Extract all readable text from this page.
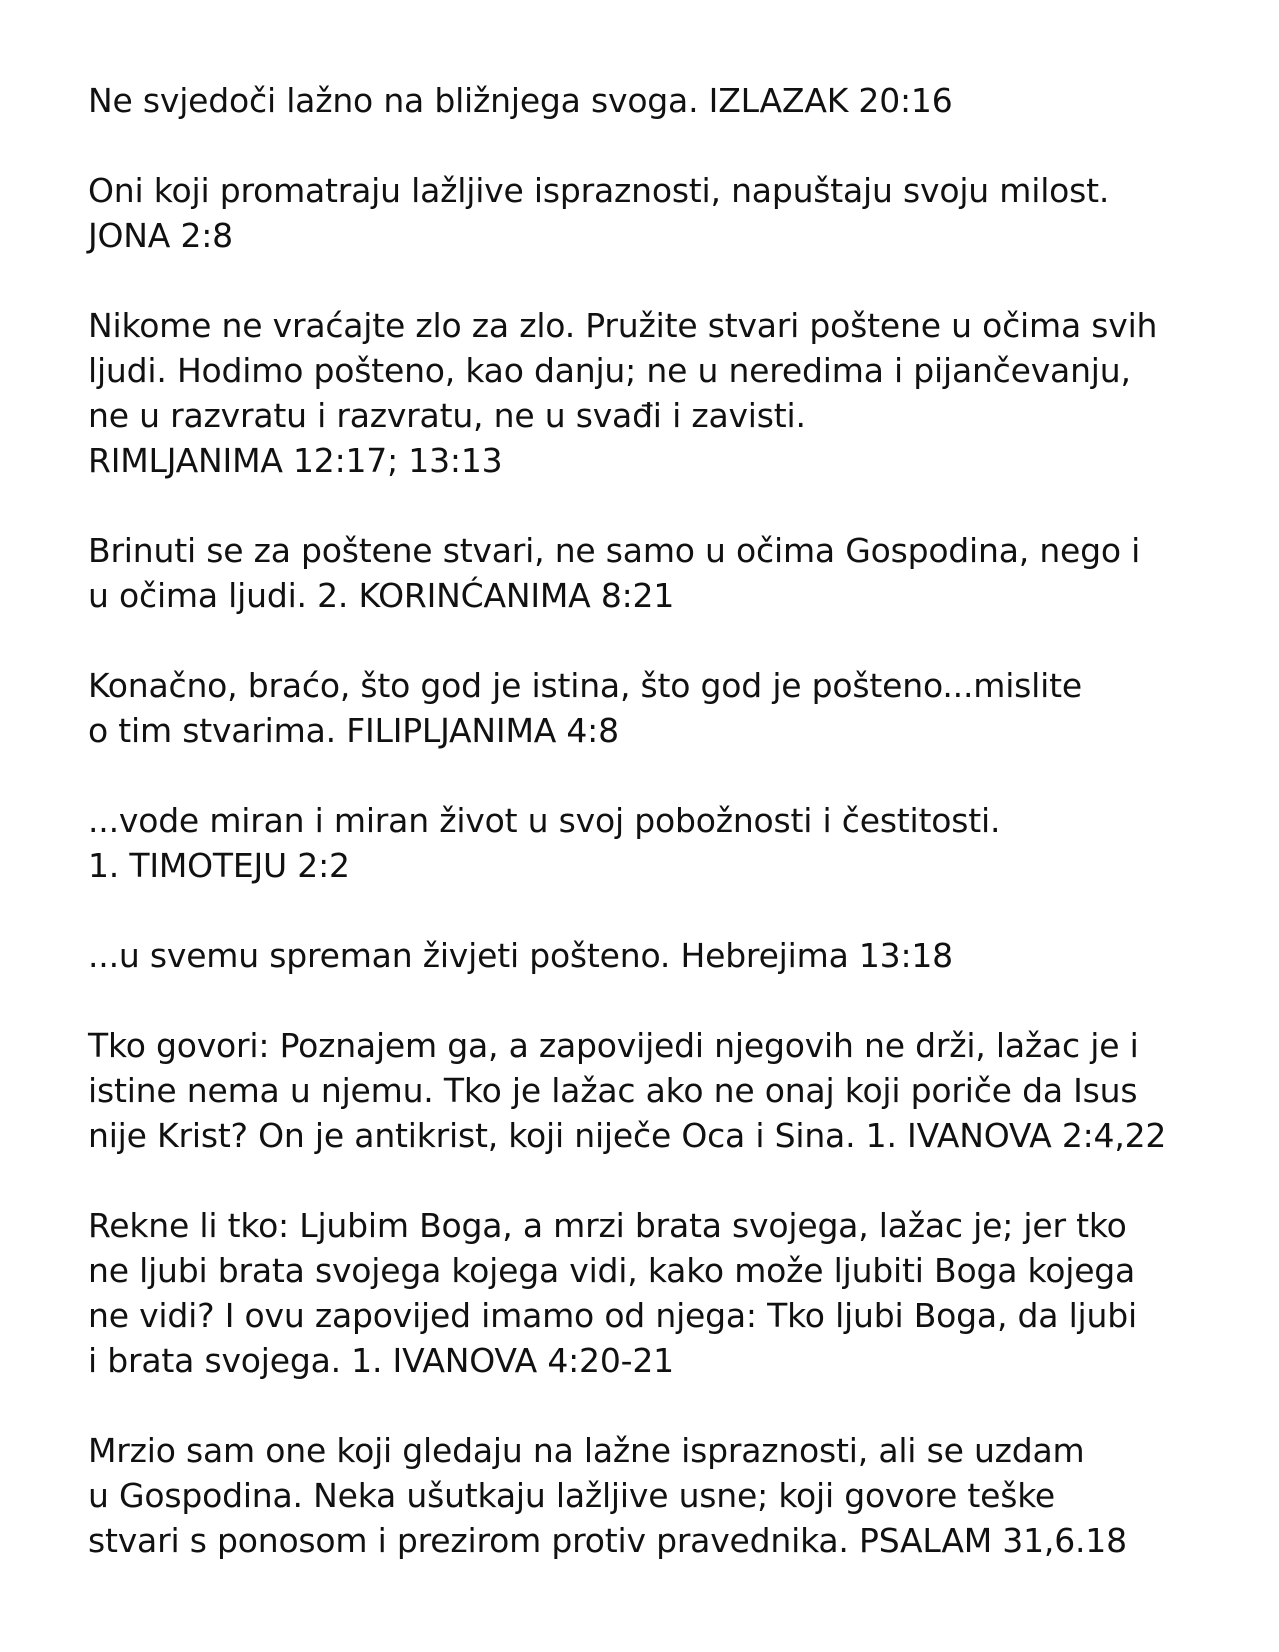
Ne svjedoči lažno na bližnjega svoga. IZLAZAK 20:16
Oni koji promatraju lažljive ispraznosti, napuštaju svoju milost.
JONA 2:8
Nikome ne vraćajte zlo za zlo. Pružite stvari poštene u očima svih
ljudi. Hodimo pošteno, kao danju; ne u neredima i pijančevanju,
ne u razvratu i razvratu, ne u svađi i zavisti.
RIMLJANIMA 12:17; 13:13
Brinuti se za poštene stvari, ne samo u očima Gospodina, nego i
u očima ljudi. 2. KORINĆANIMA 8:21
Konačno, braćo, što god je istina, što god je pošteno...mislite
o tim stvarima. FILIPLJANIMA 4:8
...vode miran i miran život u svoj pobožnosti i čestitosti.
1. TIMOTEJU 2:2
...u svemu spreman živjeti pošteno. Hebrejima 13:18
Tko govori: Poznajem ga, a zapovijedi njegovih ne drži, lažac je i
istine nema u njemu. Tko je lažac ako ne onaj koji poriče da Isus
nije Krist? On je antikrist, koji niječe Oca i Sina. 1. IVANOVA 2:4,22
Rekne li tko: Ljubim Boga, a mrzi brata svojega, lažac je; jer tko
ne ljubi brata svojega kojega vidi, kako može ljubiti Boga kojega
ne vidi? I ovu zapovijed imamo od njega: Tko ljubi Boga, da ljubi
i brata svojega. 1. IVANOVA 4:20-21
Mrzio sam one koji gledaju na lažne ispraznosti, ali se uzdam
u Gospodina. Neka ušutkaju lažljive usne; koji govore teške
stvari s ponosom i prezirom protiv pravednika. PSALAM 31,6.18
